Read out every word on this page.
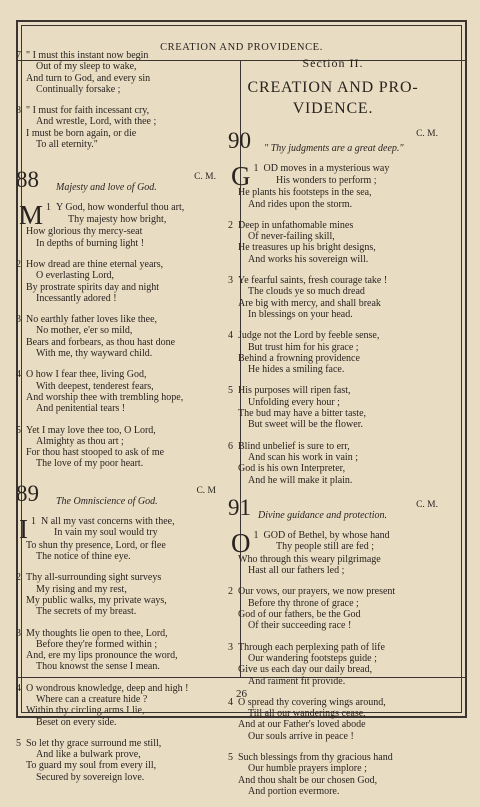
CREATION AND PROVIDENCE.
26
7 " I must this instant now begin
Out of my sleep to wake,
And turn to God, and every sin
Continually forsake ;
8 " I must for faith incessant cry,
And wrestle, Lord, with thee ;
I must be born again, or die
To all eternity."
88 Majesty and love of God.
C. M.
1
M Y God, how wonderful thou art,
Thy majesty how bright,
How glorious thy mercy-seat
In depths of burning light !
2 How dread are thine eternal years,
O everlasting Lord,
By prostrate spirits day and night
Incessantly adored !
3 No earthly father loves like thee,
No mother, e'er so mild,
Bears and forbears, as thou hast done
With me, thy wayward child.
4 O how I fear thee, living God,
With deepest, tenderest fears,
And worship thee with trembling hope,
And penitential tears !
5 Yet I may love thee too, O Lord,
Almighty as thou art ;
For thou hast stooped to ask of me
The love of my poor heart.
89 The Omniscience of God.
C. M
1
I N all my vast concerns with thee,
In vain my soul would try
To shun thy presence, Lord, or flee
The notice of thine eye.
2 Thy all-surrounding sight surveys
My rising and my rest,
My public walks, my private ways,
The secrets of my breast.
3 My thoughts lie open to thee, Lord,
Before they're formed within ;
And, ere my lips pronounce the word,
Thou knowst the sense I mean.
4 O wondrous knowledge, deep and high !
Where can a creature hide ?
Within thy circling arms I lie,
Beset on every side.
5 So let thy grace surround me still,
And like a bulwark prove,
To guard my soul from every ill,
Secured by sovereign love.
Section II.
CREATION AND PRO-
VIDENCE.
90 " Thy judgments are a great deep."
C. M.
1
G OD moves in a mysterious way
His wonders to perform ;
He plants his footsteps in the sea,
And rides upon the storm.
2 Deep in unfathomable mines
Of never-failing skill,
He treasures up his bright designs,
And works his sovereign will.
3 Ye fearful saints, fresh courage take !
The clouds ye so much dread
Are big with mercy, and shall break
In blessings on your head.
4 Judge not the Lord by feeble sense,
But trust him for his grace ;
Behind a frowning providence
He hides a smiling face.
5 His purposes will ripen fast,
Unfolding every hour ;
The bud may have a bitter taste,
But sweet will be the flower.
6 Blind unbelief is sure to err,
And scan his work in vain ;
God is his own Interpreter,
And he will make it plain.
91 Divine guidance and protection.
C. M.
1
O GOD of Bethel, by whose hand
Thy people still are fed ;
Who through this weary pilgrimage
Hast all our fathers led ;
2 Our vows, our prayers, we now present
Before thy throne of grace ;
God of our fathers, be the God
Of their succeeding race !
3 Through each perplexing path of life
Our wandering footsteps guide ;
Give us each day our daily bread,
And raiment fit provide.
4 O spread thy covering wings around,
Till all our wanderings cease,
And at our Father's loved abode
Our souls arrive in peace !
5 Such blessings from thy gracious hand
Our humble prayers implore ;
And thou shalt be our chosen God,
And portion evermore.
